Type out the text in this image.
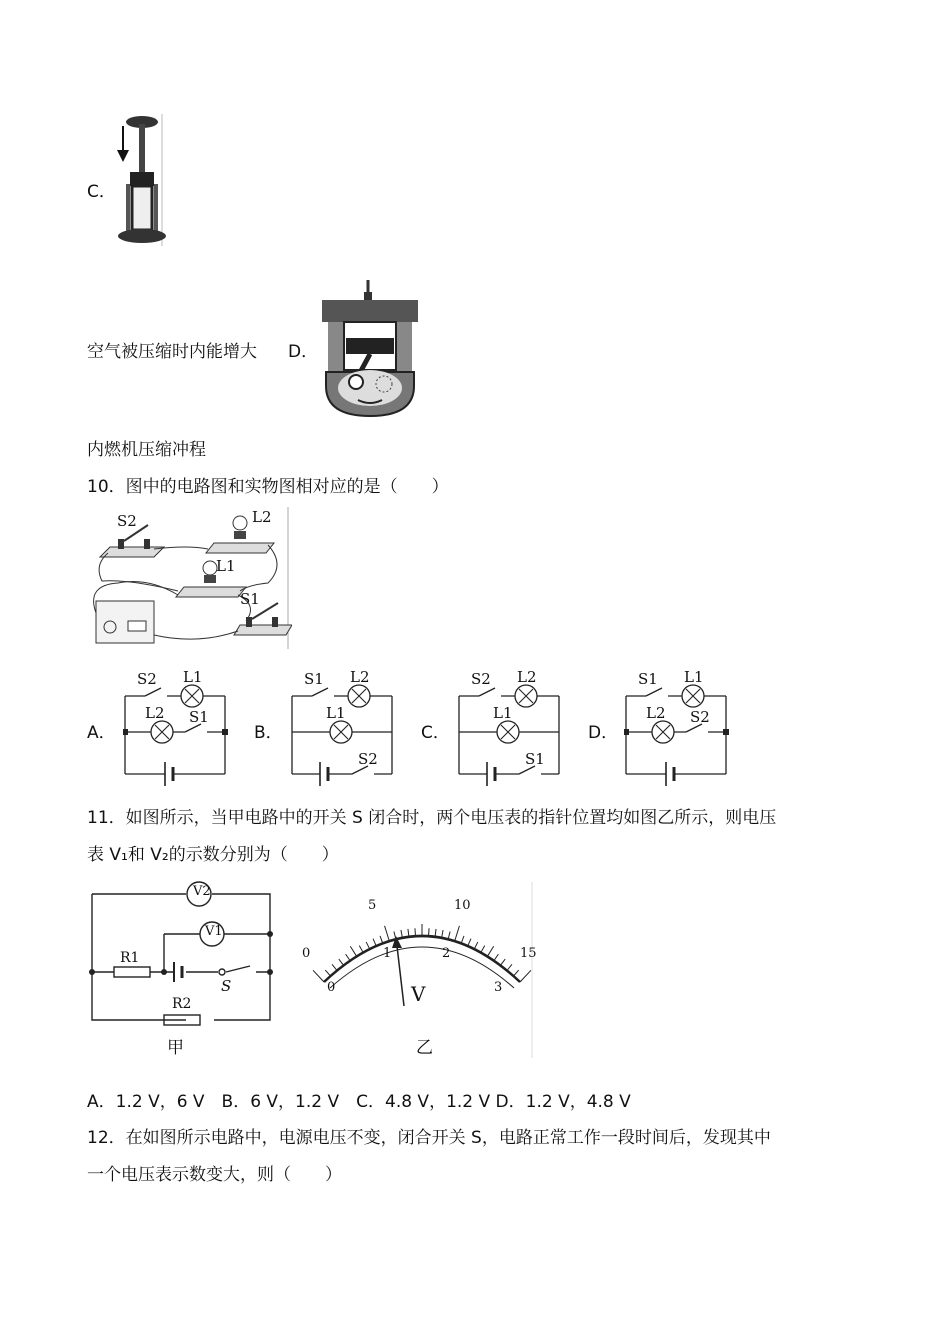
C．
空气被压缩时内能增大 D．
内燃机压缩冲程
10．图中的电路图和实物图相对应的是（　　）
S2	L2
L1
S1
A．
S2 L1
L2 S1
B．
S1 L2
L1
S2
C．
S2 L2
L1
S1
D．
S1 L1
L2 S2
11．如图所示，当甲电路中的开关 S 闭合时，两个电压表的指针位置均如图乙所示，则电压
表 V₁和 V₂的示数分别为（　　）
V2
V1
R1
R2
S
甲
0
5	10
15
0
1	2
3
V
乙
A．1.2 V，6 V　B．6 V，1.2 V　C．4.8 V，1.2 V D．1.2 V，4.8 V
12．在如图所示电路中，电源电压不变，闭合开关 S，电路正常工作一段时间后，发现其中
一个电压表示数变大，则（　　）
